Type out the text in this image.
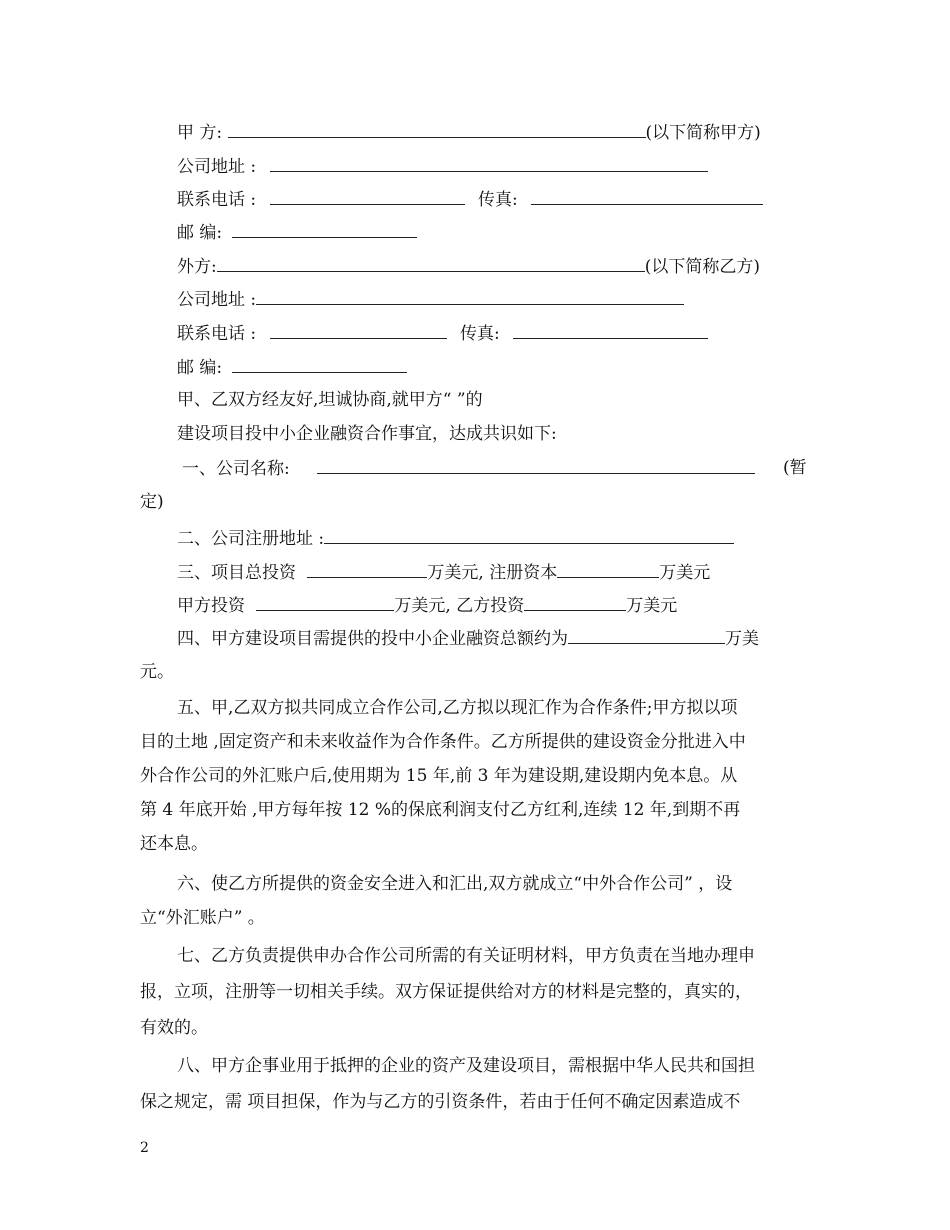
甲 方:	(以下简称甲方)
公司地址 :
联系电话 :	传真:
邮 编:
外方:	(以下简称乙方)
公司地址 :
联系电话 :	传真:
邮 编:
甲、乙双方经友好,坦诚协商,就甲方“ ”的
建设项目投中小企业融资合作事宜，达成共识如下:
一、公司名称:	(暂
定)
二、公司注册地址 :
三、项目总投资	万美元, 注册资本	万美元
甲方投资	万美元, 乙方投资	万美元
四、甲方建设项目需提供的投中小企业融资总额约为	万美
元。
五、甲,乙双方拟共同成立合作公司,乙方拟以现汇作为合作条件;甲方拟以项
目的土地 ,固定资产和未来收益作为合作条件。乙方所提供的建设资金分批进入中
外合作公司的外汇账户后,使用期为 15 年,前 3 年为建设期,建设期内免本息。从
第 4 年底开始 ,甲方每年按 12 %的保底利润支付乙方红利,连续 12 年,到期不再
还本息。
六、使乙方所提供的资金安全进入和汇出,双方就成立“中外合作公司” ，设
立“外汇账户” 。
七、乙方负责提供申办合作公司所需的有关证明材料，甲方负责在当地办理申
报，立项，注册等一切相关手续。双方保证提供给对方的材料是完整的，真实的，
有效的。
八、甲方企事业用于抵押的企业的资产及建设项目，需根据中华人民共和国担
保之规定，需 项目担保，作为与乙方的引资条件，若由于任何不确定因素造成不
2
